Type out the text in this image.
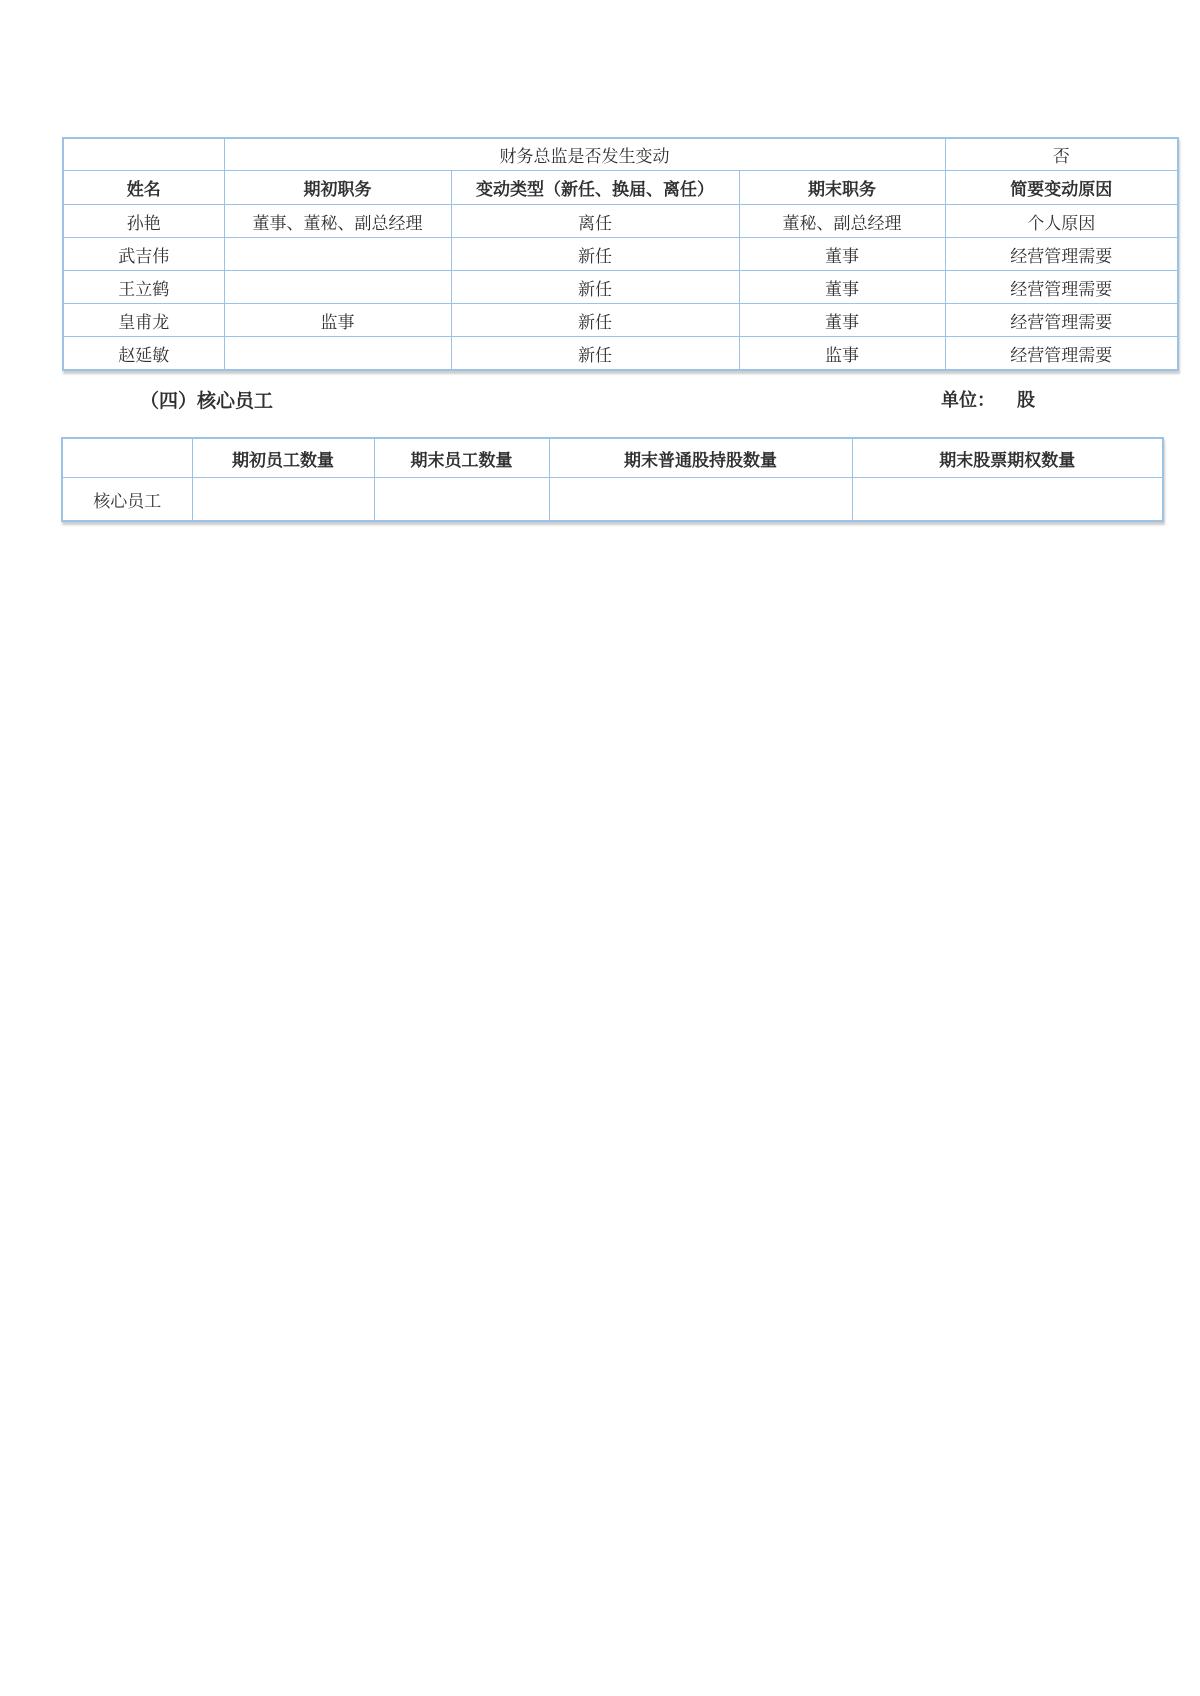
	财务总监是否发生变动			否
姓名	期初职务	变动类型（新任、换届、离任）	期末职务	简要变动原因
孙艳	董事、董秘、副总经理	离任	董秘、副总经理	个人原因
武吉伟		新任	董事	经营管理需要
王立鹤		新任	董事	经营管理需要
皇甫龙	监事	新任	董事	经营管理需要
赵延敏		新任	监事	经营管理需要
（四）核心员工	单位： 股
	期初员工数量	期末员工数量	期末普通股持股数量	期末股票期权数量
核心员工				
